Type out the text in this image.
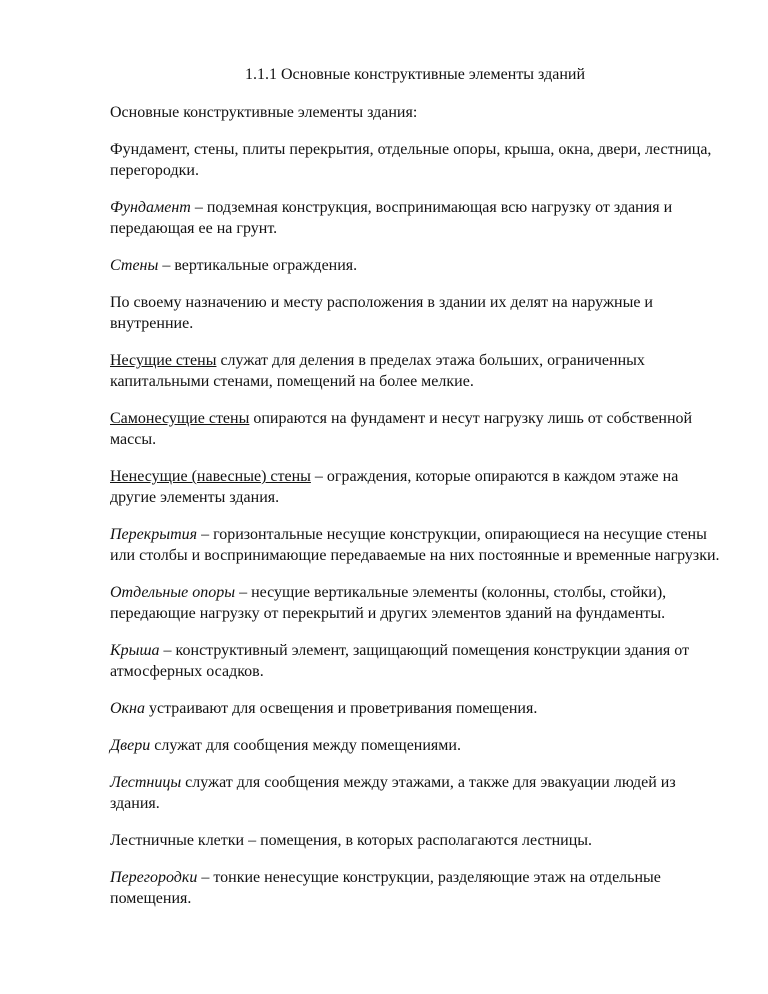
1.1.1 Основные конструктивные элементы зданий
Основные конструктивные элементы здания:
Фундамент, стены, плиты перекрытия, отдельные опоры, крыша, окна, двери, лестница, перегородки.
Фундамент – подземная конструкция, воспринимающая всю нагрузку от здания и передающая ее на грунт.
Стены – вертикальные ограждения.
По своему назначению и месту расположения в здании их делят на наружные и внутренние.
Несущие стены служат для деления в пределах этажа больших, ограниченных капитальными стенами, помещений на более мелкие.
Самонесущие стены опираются на фундамент и несут нагрузку лишь от собственной массы.
Ненесущие (навесные) стены – ограждения, которые опираются в каждом этаже на другие элементы здания.
Перекрытия – горизонтальные несущие конструкции, опирающиеся на несущие стены или столбы и воспринимающие передаваемые на них постоянные и временные нагрузки.
Отдельные опоры – несущие вертикальные элементы (колонны, столбы, стойки), передающие нагрузку от перекрытий и других элементов зданий на фундаменты.
Крыша – конструктивный элемент, защищающий помещения конструкции здания от атмосферных осадков.
Окна устраивают для освещения и проветривания помещения.
Двери служат для сообщения между помещениями.
Лестницы служат для сообщения между этажами, а также для эвакуации людей из здания.
Лестничные клетки – помещения, в которых располагаются лестницы.
Перегородки – тонкие ненесущие конструкции, разделяющие этаж на отдельные помещения.
